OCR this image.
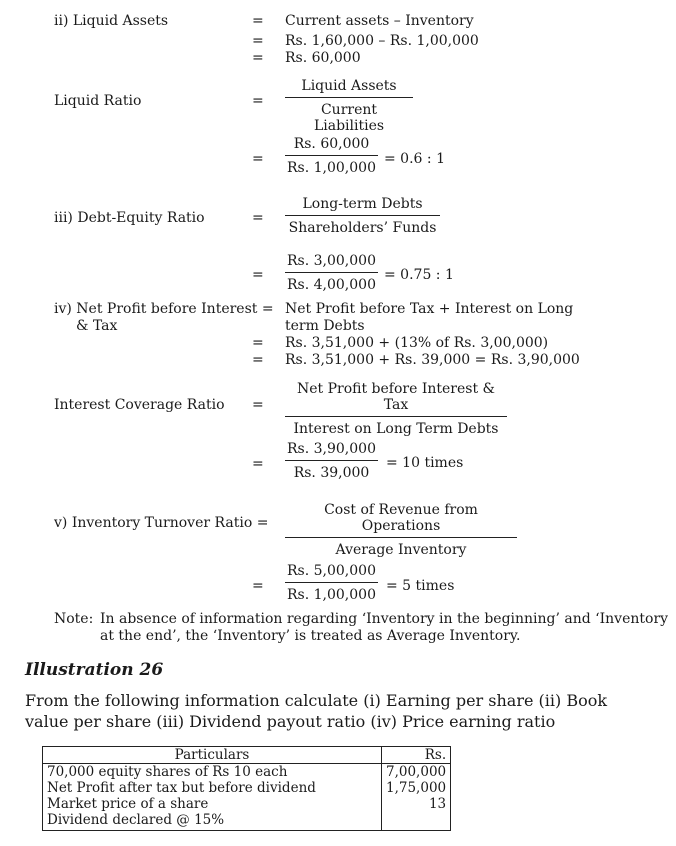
ii) Liquid Assets	= Current assets – Inventory
= Rs. 1,60,000 – Rs. 1,00,000
= Rs. 60,000
Liquid Ratio	=
Liquid Assets
Current Liabilities
=
Rs. 60,000
Rs. 1,00,000
= 0.6 : 1
iii) Debt-Equity Ratio	=
Long-term Debts
Shareholders’ Funds
=
Rs. 3,00,000
Rs. 4,00,000
= 0.75 : 1
iv) Net Profit before Interest =
& Tax
Net Profit before Tax + Interest on Long
term Debts
= Rs. 3,51,000 + (13% of Rs. 3,00,000)
= Rs. 3,51,000 + Rs. 39,000 = Rs. 3,90,000
Interest Coverage Ratio =
Net Profit before Interest & Tax
Interest on Long Term Debts
=
Rs. 3,90,000
Rs. 39,000
= 10 times
v) Inventory Turnover Ratio =
Cost of Revenue from Operations
Average Inventory
=
Rs. 5,00,000
Rs. 1,00,000
= 5 times
Note: In absence of information regarding ‘Inventory in the beginning’ and ‘Inventory
at the end’, the ‘Inventory’ is treated as Average Inventory.
Illustration 26
From the following information calculate (i) Earning per share (ii) Book value per share (iii) Dividend payout ratio (iv) Price earning ratio
Particulars	Rs.
70,000 equity shares of Rs 10 each	7,00,000
Net Profit after tax but before dividend	1,75,000
Market price of a share	13
Dividend declared @ 15%	
